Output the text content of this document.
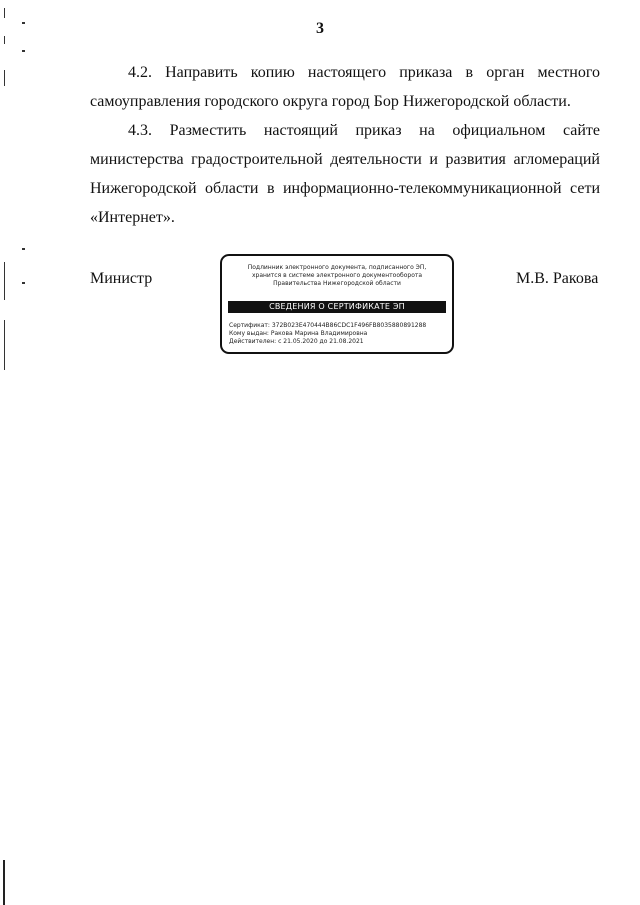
3
4.2. Направить копию настоящего приказа в орган местного самоуправления городского округа город Бор Нижегородской области.
4.3. Разместить настоящий приказ на официальном сайте министерства градостроительной деятельности и развития агломераций Нижегородской области в информационно-телекоммуникационной сети «Интернет».
Министр
Подлинник электронного документа, подписанного ЭП,
хранится в системе электронного документооборота
Правительства Нижегородской области
СВЕДЕНИЯ О СЕРТИФИКАТЕ ЭП
Сертификат: 372B023E470444B86CDC1F496FB8035880891288
Кому выдан: Ракова Марина Владимировна
Действителен: с 21.05.2020 до 21.08.2021
М.В. Ракова
